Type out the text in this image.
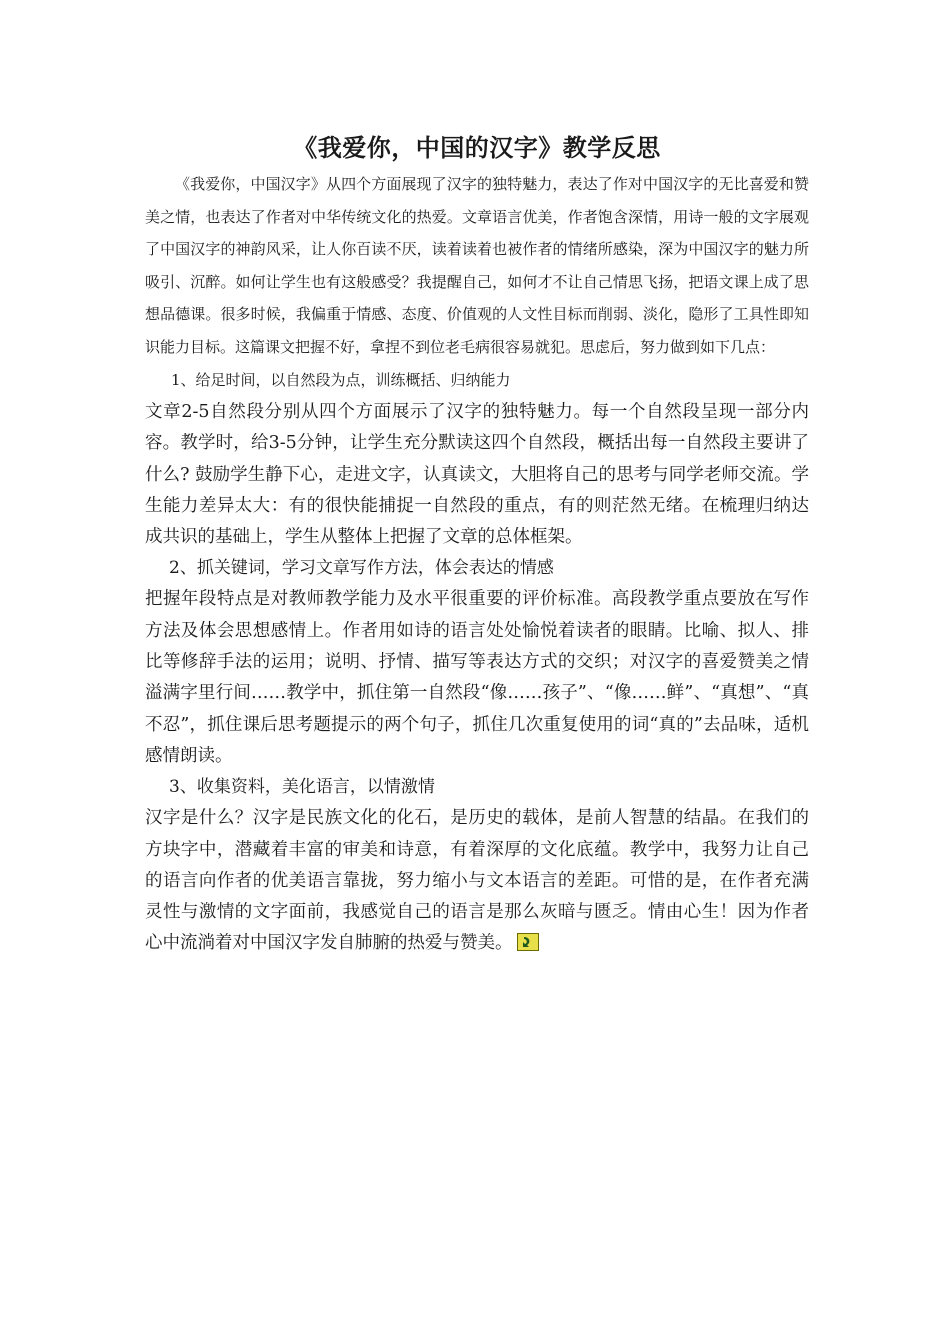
《我爱你，中国的汉字》教学反思

《我爱你，中国汉字》从四个方面展现了汉字的独特魅力，表达了作对中国汉字的无比喜爱和赞美之情，也表达了作者对中华传统文化的热爱。文章语言优美，作者饱含深情，用诗一般的文字展观了中国汉字的神韵风采，让人你百读不厌，读着读着也被作者的情绪所感染，深为中国汉字的魅力所吸引、沉醉。如何让学生也有这般感受？我提醒自己，如何才不让自己情思飞扬，把语文课上成了思想品德课。很多时候，我偏重于情感、态度、价值观的人文性目标而削弱、淡化，隐形了工具性即知识能力目标。这篇课文把握不好，拿捏不到位老毛病很容易就犯。思虑后，努力做到如下几点：

1、给足时间，以自然段为点，训练概括、归纳能力

文章2-5自然段分别从四个方面展示了汉字的独特魅力。每一个自然段呈现一部分内容。教学时，给3-5分钟，让学生充分默读这四个自然段，概括出每一自然段主要讲了什么? 鼓励学生静下心，走进文字，认真读文，大胆将自己的思考与同学老师交流。学生能力差异太大：有的很快能捕捉一自然段的重点，有的则茫然无绪。在梳理归纳达成共识的基础上，学生从整体上把握了文章的总体框架。

2、抓关键词，学习文章写作方法，体会表达的情感

把握年段特点是对教师教学能力及水平很重要的评价标准。高段教学重点要放在写作方法及体会思想感情上。作者用如诗的语言处处愉悦着读者的眼睛。比喻、拟人、排比等修辞手法的运用；说明、抒情、描写等表达方式的交织；对汉字的喜爱赞美之情溢满字里行间……教学中，抓住第一自然段“像……孩子”、“像……鲜”、“真想”、“真不忍”，抓住课后思考题提示的两个句子，抓住几次重复使用的词“真的”去品味，适机感情朗读。

3、收集资料，美化语言，以情激情

汉字是什么？汉字是民族文化的化石，是历史的载体，是前人智慧的结晶。在我们的方块字中，潜藏着丰富的审美和诗意，有着深厚的文化底蕴。教学中，我努力让自己的语言向作者的优美语言靠拢，努力缩小与文本语言的差距。可惜的是，在作者充满灵性与激情的文字面前，我感觉自己的语言是那么灰暗与匮乏。情由心生！因为作者心中流淌着对中国汉字发自肺腑的热爱与赞美。
